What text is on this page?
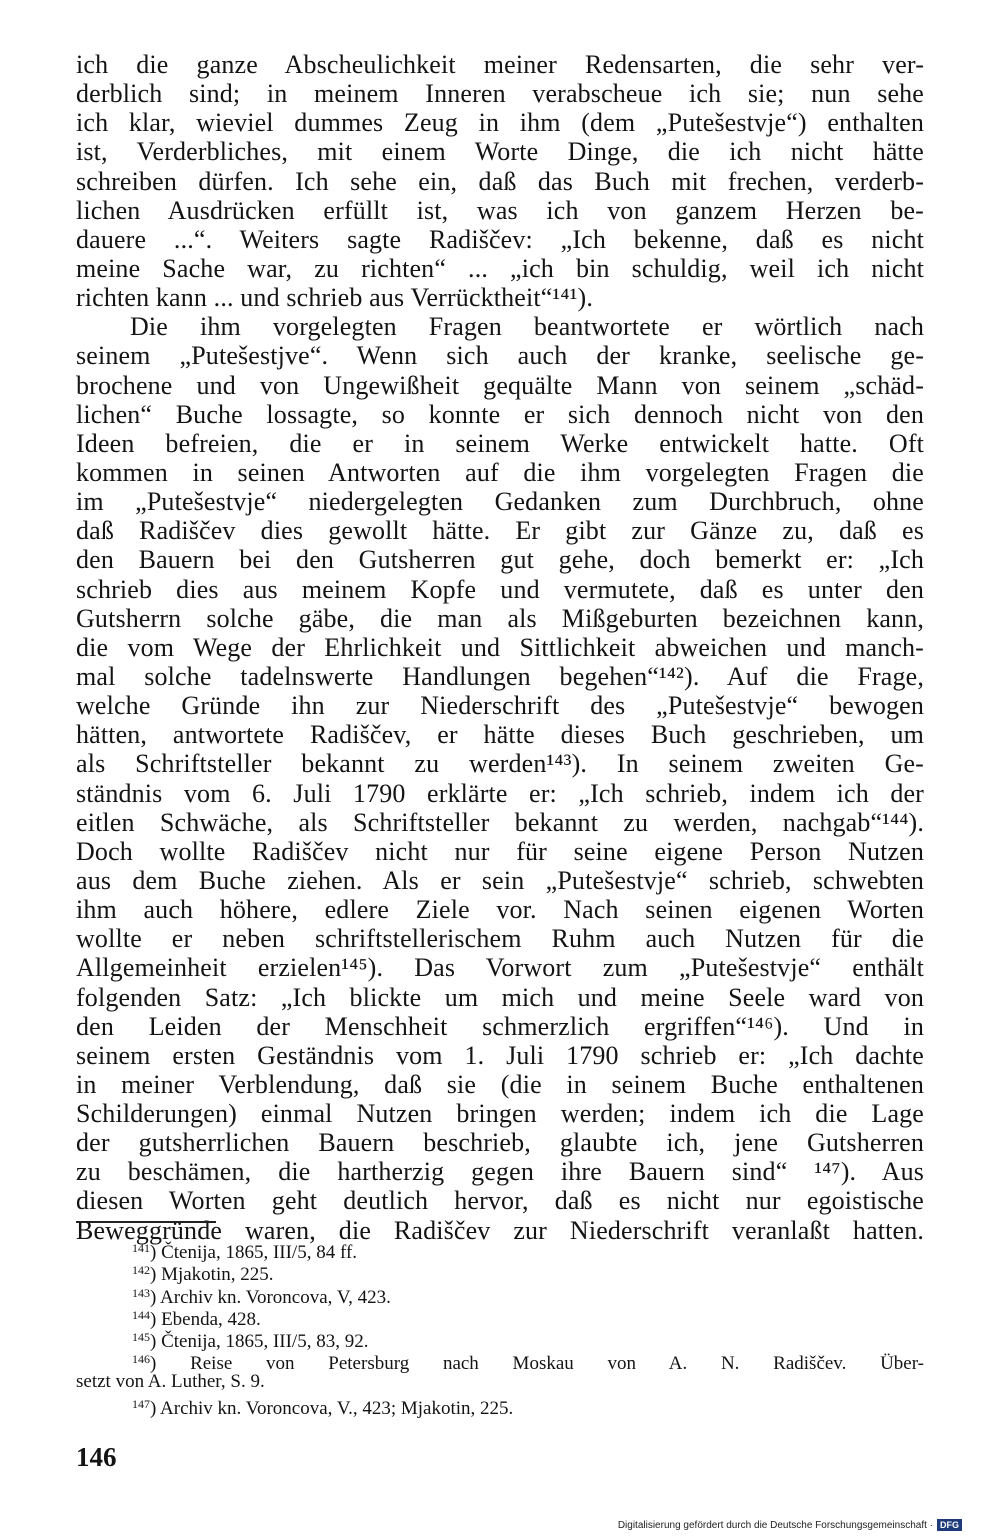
ich die ganze Abscheulichkeit meiner Redensarten, die sehr ver-
derblich sind; in meinem Inneren verabscheue ich sie; nun sehe
ich klar, wieviel dummes Zeug in ihm (dem „Putešestvje“) enthalten
ist, Verderbliches, mit einem Worte Dinge, die ich nicht hätte
schreiben dürfen. Ich sehe ein, daß das Buch mit frechen, verderb-
lichen Ausdrücken erfüllt ist, was ich von ganzem Herzen be-
dauere ...“. Weiters sagte Radiščev: „Ich bekenne, daß es nicht
meine Sache war, zu richten“ ... „ich bin schuldig, weil ich nicht
richten kann ... und schrieb aus Verrücktheit“¹⁴¹).
Die ihm vorgelegten Fragen beantwortete er wörtlich nach
seinem „Putešestjve“. Wenn sich auch der kranke, seelische ge-
brochene und von Ungewißheit gequälte Mann von seinem „schäd-
lichen“ Buche lossagte, so konnte er sich dennoch nicht von den
Ideen befreien, die er in seinem Werke entwickelt hatte. Oft
kommen in seinen Antworten auf die ihm vorgelegten Fragen die
im „Putešestvje“ niedergelegten Gedanken zum Durchbruch, ohne
daß Radiščev dies gewollt hätte. Er gibt zur Gänze zu, daß es
den Bauern bei den Gutsherren gut gehe, doch bemerkt er: „Ich
schrieb dies aus meinem Kopfe und vermutete, daß es unter den
Gutsherrn solche gäbe, die man als Mißgeburten bezeichnen kann,
die vom Wege der Ehrlichkeit und Sittlichkeit abweichen und manch-
mal solche tadelnswerte Handlungen begehen“¹⁴²). Auf die Frage,
welche Gründe ihn zur Niederschrift des „Putešestvje“ bewogen
hätten, antwortete Radiščev, er hätte dieses Buch geschrieben, um
als Schriftsteller bekannt zu werden¹⁴³). In seinem zweiten Ge-
ständnis vom 6. Juli 1790 erklärte er: „Ich schrieb, indem ich der
eitlen Schwäche, als Schriftsteller bekannt zu werden, nachgab“¹⁴⁴).
Doch wollte Radiščev nicht nur für seine eigene Person Nutzen
aus dem Buche ziehen. Als er sein „Putešestvje“ schrieb, schwebten
ihm auch höhere, edlere Ziele vor. Nach seinen eigenen Worten
wollte er neben schriftstellerischem Ruhm auch Nutzen für die
Allgemeinheit erzielen¹⁴⁵). Das Vorwort zum „Putešestvje“ enthält
folgenden Satz: „Ich blickte um mich und meine Seele ward von
den Leiden der Menschheit schmerzlich ergriffen“¹⁴⁶). Und in
seinem ersten Geständnis vom 1. Juli 1790 schrieb er: „Ich dachte
in meiner Verblendung, daß sie (die in seinem Buche enthaltenen
Schilderungen) einmal Nutzen bringen werden; indem ich die Lage
der gutsherrlichen Bauern beschrieb, glaubte ich, jene Gutsherren
zu beschämen, die hartherzig gegen ihre Bauern sind“ ¹⁴⁷). Aus
diesen Worten geht deutlich hervor, daß es nicht nur egoistische
Beweggründe waren, die Radiščev zur Niederschrift veranlaßt hatten.
$^{141}$) Čtenija, 1865, III/5, 84 ff.
$^{142}$) Mjakotin, 225.
$^{143}$) Archiv kn. Voroncova, V, 423.
$^{144}$) Ebenda, 428.
$^{145}$) Čtenija, 1865, III/5, 83, 92.
$^{146}$) Reise von Petersburg nach Moskau von A. N. Radiščev. Über-
setzt von A. Luther, S. 9.
$^{147}$) Archiv kn. Voroncova, V., 423; Mjakotin, 225.
146
Digitalisierung gefördert durch die Deutsche Forschungsgemeinschaft · DFG
